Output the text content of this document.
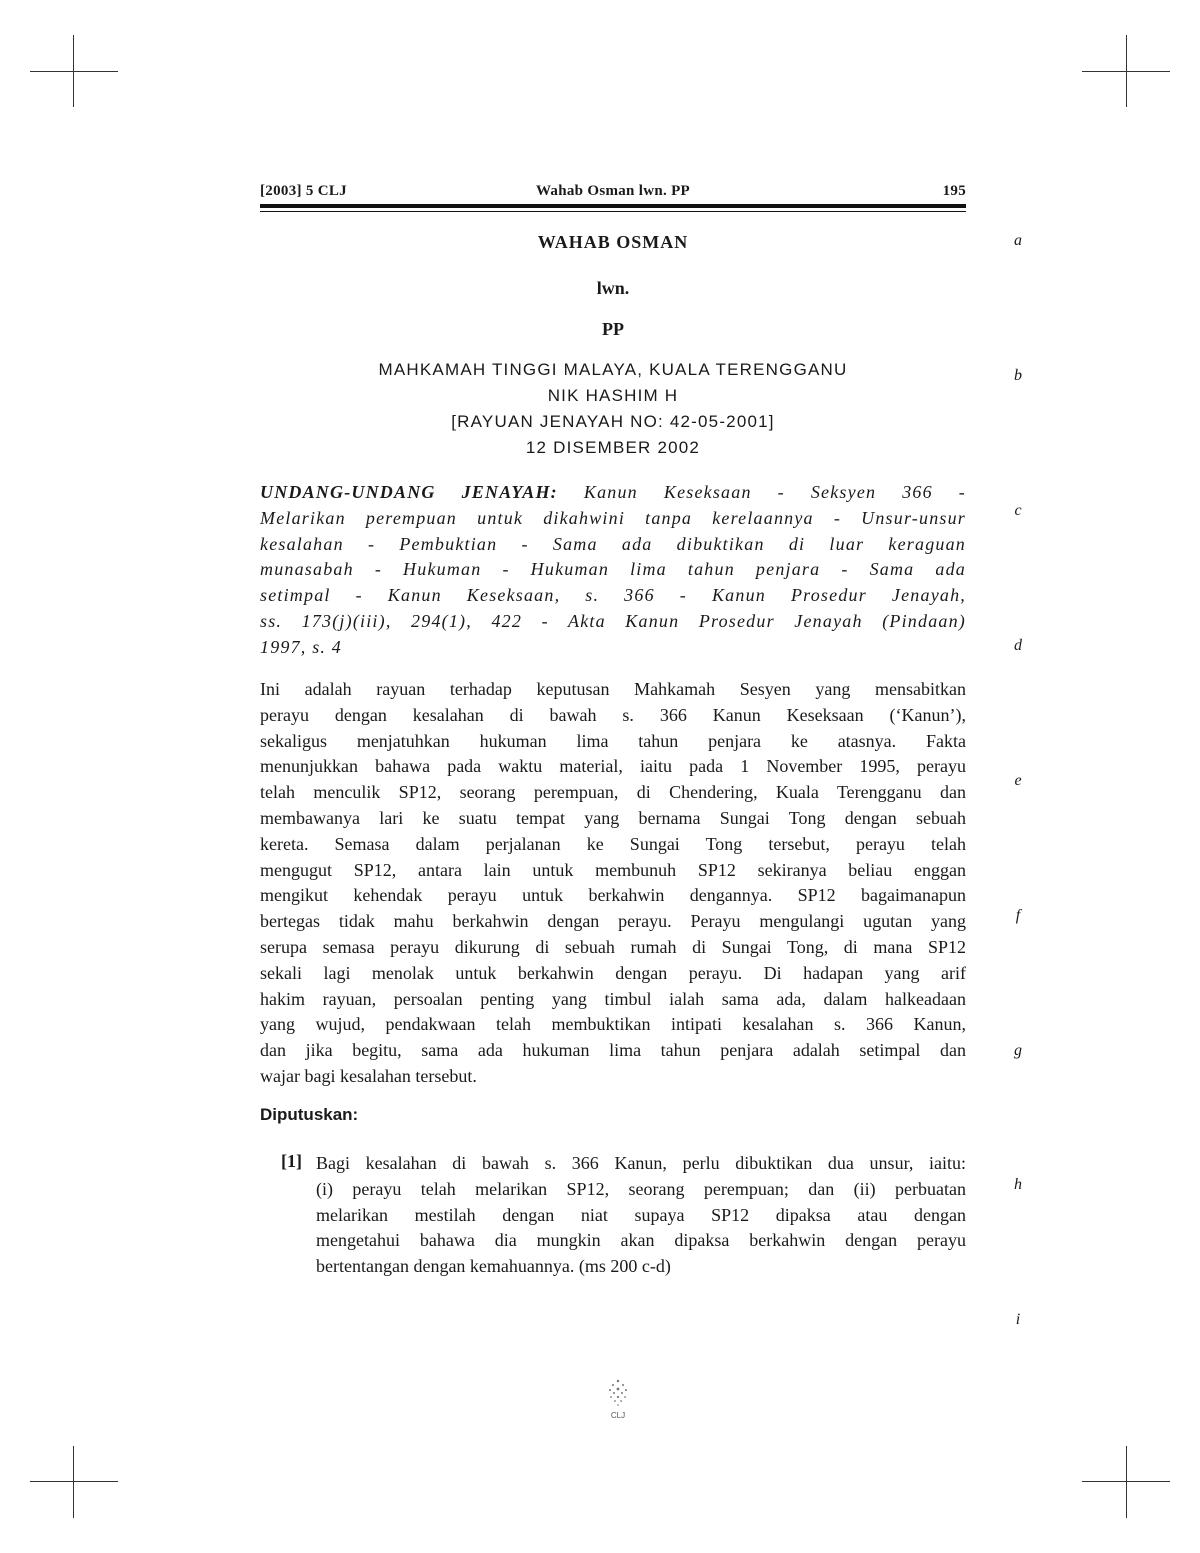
[2003] 5 CLJ	Wahab Osman lwn. PP	195
WAHAB OSMAN
lwn.
PP
MAHKAMAH TINGGI MALAYA, KUALA TERENGGANU
NIK HASHIM H
[RAYUAN JENAYAH NO: 42-05-2001]
12 DISEMBER 2002
UNDANG-UNDANG JENAYAH: Kanun Keseksaan - Seksyen 366 -
Melarikan perempuan untuk dikahwini tanpa kerelaannya - Unsur-unsur
kesalahan - Pembuktian - Sama ada dibuktikan di luar keraguan
munasabah - Hukuman - Hukuman lima tahun penjara - Sama ada
setimpal - Kanun Keseksaan, s. 366 - Kanun Prosedur Jenayah,
ss. 173(j)(iii), 294(1), 422 - Akta Kanun Prosedur Jenayah (Pindaan)
1997, s. 4
Ini adalah rayuan terhadap keputusan Mahkamah Sesyen yang mensabitkan
perayu dengan kesalahan di bawah s. 366 Kanun Keseksaan (‘Kanun’),
sekaligus menjatuhkan hukuman lima tahun penjara ke atasnya. Fakta
menunjukkan bahawa pada waktu material, iaitu pada 1 November 1995, perayu
telah menculik SP12, seorang perempuan, di Chendering, Kuala Terengganu dan
membawanya lari ke suatu tempat yang bernama Sungai Tong dengan sebuah
kereta. Semasa dalam perjalanan ke Sungai Tong tersebut, perayu telah
mengugut SP12, antara lain untuk membunuh SP12 sekiranya beliau enggan
mengikut kehendak perayu untuk berkahwin dengannya. SP12 bagaimanapun
bertegas tidak mahu berkahwin dengan perayu. Perayu mengulangi ugutan yang
serupa semasa perayu dikurung di sebuah rumah di Sungai Tong, di mana SP12
sekali lagi menolak untuk berkahwin dengan perayu. Di hadapan yang arif
hakim rayuan, persoalan penting yang timbul ialah sama ada, dalam halkeadaan
yang wujud, pendakwaan telah membuktikan intipati kesalahan s. 366 Kanun,
dan jika begitu, sama ada hukuman lima tahun penjara adalah setimpal dan
wajar bagi kesalahan tersebut.
Diputuskan:
[1] Bagi kesalahan di bawah s. 366 Kanun, perlu dibuktikan dua unsur, iaitu:
(i) perayu telah melarikan SP12, seorang perempuan; dan (ii) perbuatan
melarikan mestilah dengan niat supaya SP12 dipaksa atau dengan
mengetahui bahawa dia mungkin akan dipaksa berkahwin dengan perayu
bertentangan dengan kemahuannya. (ms 200 c-d)
a
b
c
d
e
f
g
h
i
CLJ
